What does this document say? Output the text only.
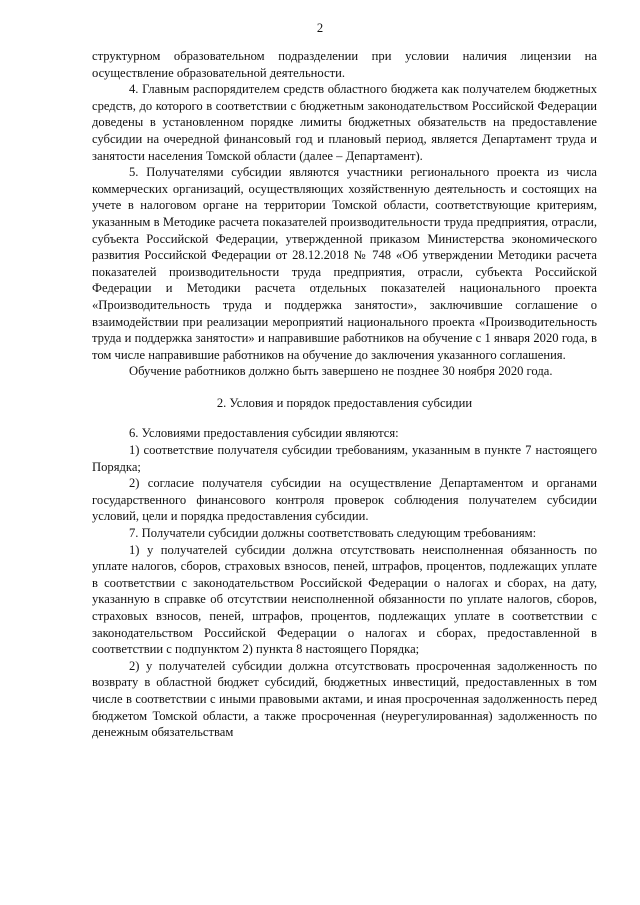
2

структурном образовательном подразделении при условии наличия лицензии на осуществление образовательной деятельности.

4. Главным распорядителем средств областного бюджета как получателем бюджетных средств, до которого в соответствии с бюджетным законодательством Российской Федерации доведены в установленном порядке лимиты бюджетных обязательств на предоставление субсидии на очередной финансовый год и плановый период, является Департамент труда и занятости населения Томской области (далее – Департамент).

5. Получателями субсидии являются участники регионального проекта из числа коммерческих организаций, осуществляющих хозяйственную деятельность и состоящих на учете в налоговом органе на территории Томской области, соответствующие критериям, указанным в Методике расчета показателей производительности труда предприятия, отрасли, субъекта Российской Федерации, утвержденной приказом Министерства экономического развития Российской Федерации от 28.12.2018 № 748 «Об утверждении Методики расчета показателей производительности труда предприятия, отрасли, субъекта Российской Федерации и Методики расчета отдельных показателей национального проекта «Производительность труда и поддержка занятости», заключившие соглашение о взаимодействии при реализации мероприятий национального проекта «Производительность труда и поддержка занятости» и направившие работников на обучение с 1 января 2020 года, в том числе направившие работников на обучение до заключения указанного соглашения.

Обучение работников должно быть завершено не позднее 30 ноября 2020 года.

2. Условия и порядок предоставления субсидии

6. Условиями предоставления субсидии являются:

1) соответствие получателя субсидии требованиям, указанным в пункте 7 настоящего Порядка;

2) согласие получателя субсидии на осуществление Департаментом и органами государственного финансового контроля проверок соблюдения получателем субсидии условий, цели и порядка предоставления субсидии.

7. Получатели субсидии должны соответствовать следующим требованиям:

1) у получателей субсидии должна отсутствовать неисполненная обязанность по уплате налогов, сборов, страховых взносов, пеней, штрафов, процентов, подлежащих уплате в соответствии с законодательством Российской Федерации о налогах и сборах, на дату, указанную в справке об отсутствии неисполненной обязанности по уплате налогов, сборов, страховых взносов, пеней, штрафов, процентов, подлежащих уплате в соответствии с законодательством Российской Федерации о налогах и сборах, предоставленной в соответствии с подпунктом 2) пункта 8 настоящего Порядка;

2) у получателей субсидии должна отсутствовать просроченная задолженность по возврату в областной бюджет субсидий, бюджетных инвестиций, предоставленных в том числе в соответствии с иными правовыми актами, и иная просроченная задолженность перед бюджетом Томской области, а также просроченная (неурегулированная) задолженность по денежным обязательствам
